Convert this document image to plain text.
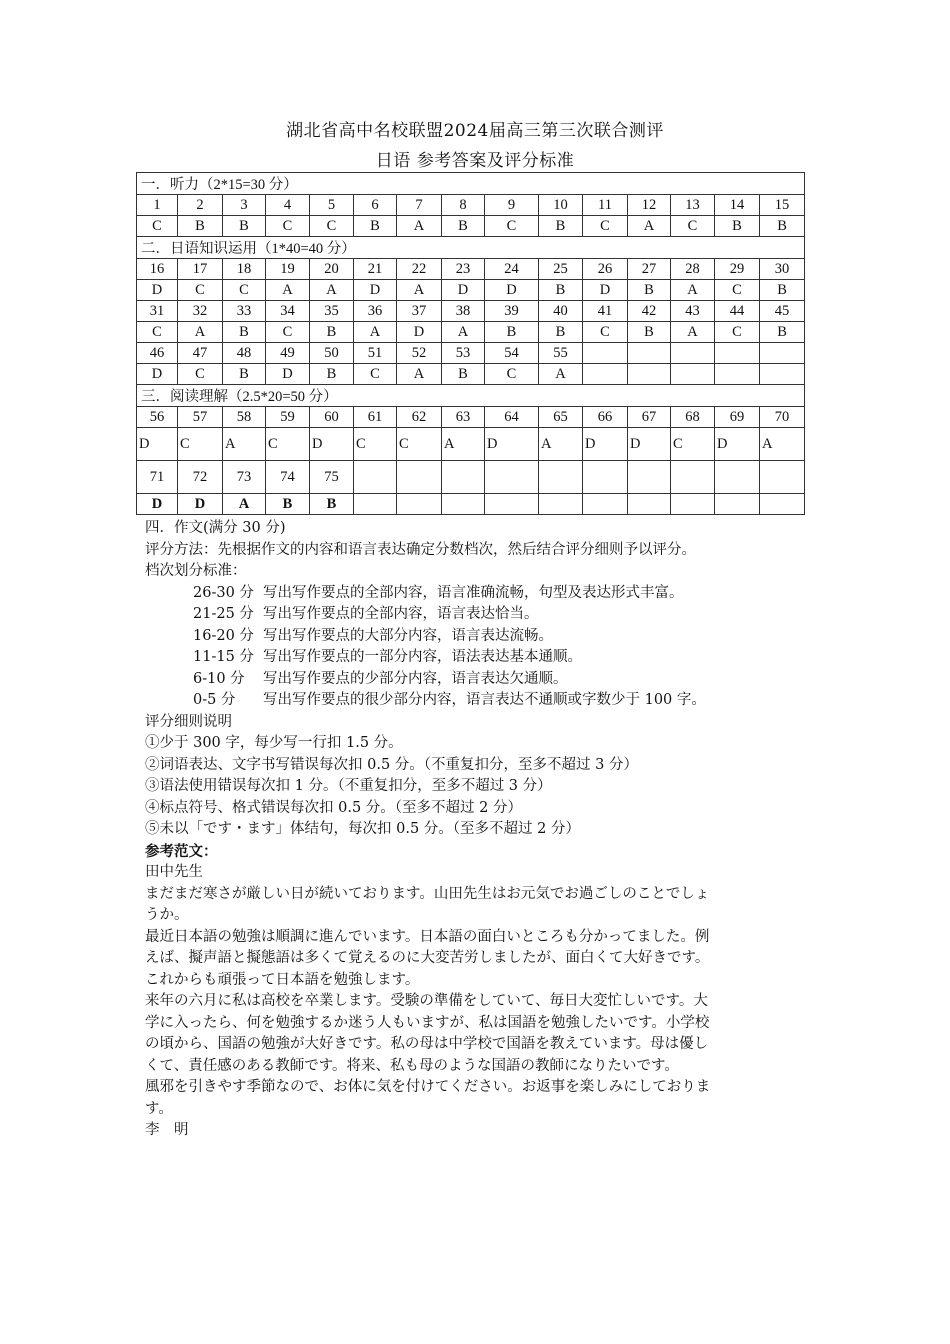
湖北省高中名校联盟2024届高三第三次联合测评
日语 参考答案及评分标准
一．听力（2*15=30 分）														
1	2	3	4	5	6	7	8	9	10	11	12	13	14	15
C	B	B	C	C	B	A	B	C	B	C	A	C	B	B
二．日语知识运用（1*40=40 分）														
16	17	18	19	20	21	22	23	24	25	26	27	28	29	30
D	C	C	A	A	D	A	D	D	B	D	B	A	C	B
31	32	33	34	35	36	37	38	39	40	41	42	43	44	45
C	A	B	C	B	A	D	A	B	B	C	B	A	C	B
46	47	48	49	50	51	52	53	54	55					
D	C	B	D	B	C	A	B	C	A					
三．阅读理解（2.5*20=50 分）														
56	57	58	59	60	61	62	63	64	65	66	67	68	69	70
D	C	A	C	D	C	C	A	D	A	D	D	C	D	A
71	72	73	74	75										
D	D	A	B	B										

四．作文(满分 30 分)

评分方法：先根据作文的内容和语言表达确定分数档次，然后结合评分细则予以评分。

档次划分标准：

26-30 分 写出写作要点的全部内容，语言准确流畅，句型及表达形式丰富。

21-25 分 写出写作要点的全部内容，语言表达恰当。

16-20 分 写出写作要点的大部分内容，语言表达流畅。

11-15 分 写出写作要点的一部分内容，语法表达基本通顺。

6-10 分 写出写作要点的少部分内容，语言表达欠通顺。

0-5 分 写出写作要点的很少部分内容，语言表达不通顺或字数少于 100 字。

评分细则说明

①少于 300 字，每少写一行扣 1.5 分。

②词语表达、文字书写错误每次扣 0.5 分。（不重复扣分，至多不超过 3 分）

③语法使用错误每次扣 1 分。（不重复扣分，至多不超过 3 分）

④标点符号、格式错误每次扣 0.5 分。（至多不超过 2 分）

⑤未以「です・ます」体结句，每次扣 0.5 分。（至多不超过 2 分）

参考范文：

田中先生

まだまだ寒さが厳しい日が続いております。山田先生はお元気でお過ごしのことでしょ

うか。

最近日本語の勉強は順調に進んでいます。日本語の面白いところも分かってました。例

えば、擬声語と擬態語は多くて覚えるのに大変苦労しましたが、面白くて大好きです。

これからも頑張って日本語を勉強します。

来年の六月に私は高校を卒業します。受験の準備をしていて、毎日大変忙しいです。大

学に入ったら、何を勉強するか迷う人もいますが、私は国語を勉強したいです。小学校

の頃から、国語の勉強が大好きです。私の母は中学校で国語を教えています。母は優し

くて、責任感のある教師です。将来、私も母のような国語の教師になりたいです。

風邪を引きやす季節なので、お体に気を付けてください。お返事を楽しみにしておりま

す。

李　明
